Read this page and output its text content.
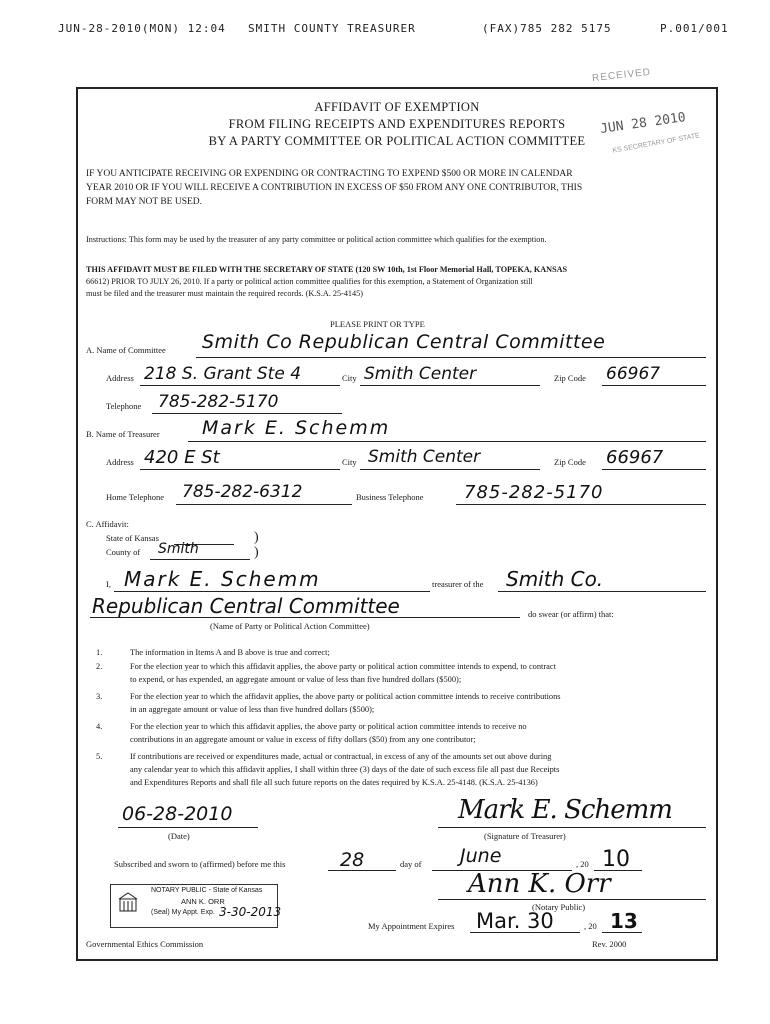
JUN-28-2010(MON) 12:04 SMITH COUNTY TREASURER	(FAX)785 282 5175	P.001/001
RECEIVED
JUN 28 2010
KS SECRETARY OF STATE
AFFIDAVIT OF EXEMPTION
FROM FILING RECEIPTS AND EXPENDITURES REPORTS
BY A PARTY COMMITTEE OR POLITICAL ACTION COMMITTEE
IF YOU ANTICIPATE RECEIVING OR EXPENDING OR CONTRACTING TO EXPEND $500 OR MORE IN CALENDAR
YEAR 2010 OR IF YOU WILL RECEIVE A CONTRIBUTION IN EXCESS OF $50 FROM ANY ONE CONTRIBUTOR, THIS
FORM MAY NOT BE USED.
Instructions: This form may be used by the treasurer of any party committee or political action committee which qualifies for the exemption.
THIS AFFIDAVIT MUST BE FILED WITH THE SECRETARY OF STATE (120 SW 10th, 1st Floor Memorial Hall, TOPEKA, KANSAS
66612) PRIOR TO JULY 26, 2010. If a party or political action committee qualifies for this exemption, a Statement of Organization still
must be filed and the treasurer must maintain the required records. (K.S.A. 25-4145)
PLEASE PRINT OR TYPE
A. Name of Committee Smith Co Republican Central Committee
Address 218 S. Grant Ste 4	City Smith Center	Zip Code 66967
Telephone 785-282-5170
B. Name of Treasurer Mark E. Schemm
Address 420 E St	City Smith Center	Zip Code 66967
Home Telephone 785-282-6312	Business Telephone 785-282-5170
C. Affidavit:
State of Kansas	)
County of Smith	)
I, Mark E. Schemm	treasurer of the Smith Co.
Republican Central Committee	do swear (or affirm) that:
(Name of Party or Political Action Committee)
1.	The information in Items A and B above is true and correct;
2.	For the election year to which this affidavit applies, the above party or political action committee intends to expend, to contract
to expend, or has expended, an aggregate amount or value of less than five hundred dollars ($500);
3.	For the election year to which the affidavit applies, the above party or political action committee intends to receive contributions
in an aggregate amount or value of less than five hundred dollars ($500);
4.	For the election year to which this affidavit applies, the above party or political action committee intends to receive no
contributions in an aggregate amount or value in excess of fifty dollars ($50) from any one contributor;
5.	If contributions are received or expenditures made, actual or contractual, in excess of any of the amounts set out above during
any calendar year to which this affidavit applies, I shall within three (3) days of the date of such excess file all past due Receipts
and Expenditures Reports and shall file all such future reports on the dates required by K.S.A. 25-4148. (K.S.A. 25-4136)
06-28-2010
(Date)
Mark E. Schemm
(Signature of Treasurer)
Subscribed and sworn to (affirmed) before me this	28	day of June	, 20 10
Ann K. Orr
(Notary Public)
NOTARY PUBLIC - State of Kansas
ANN K. ORR
(Seal) My Appt. Exp. 3-30-2013
My Appointment Expires Mar. 30	, 20 13
Governmental Ethics Commission	Rev. 2000
